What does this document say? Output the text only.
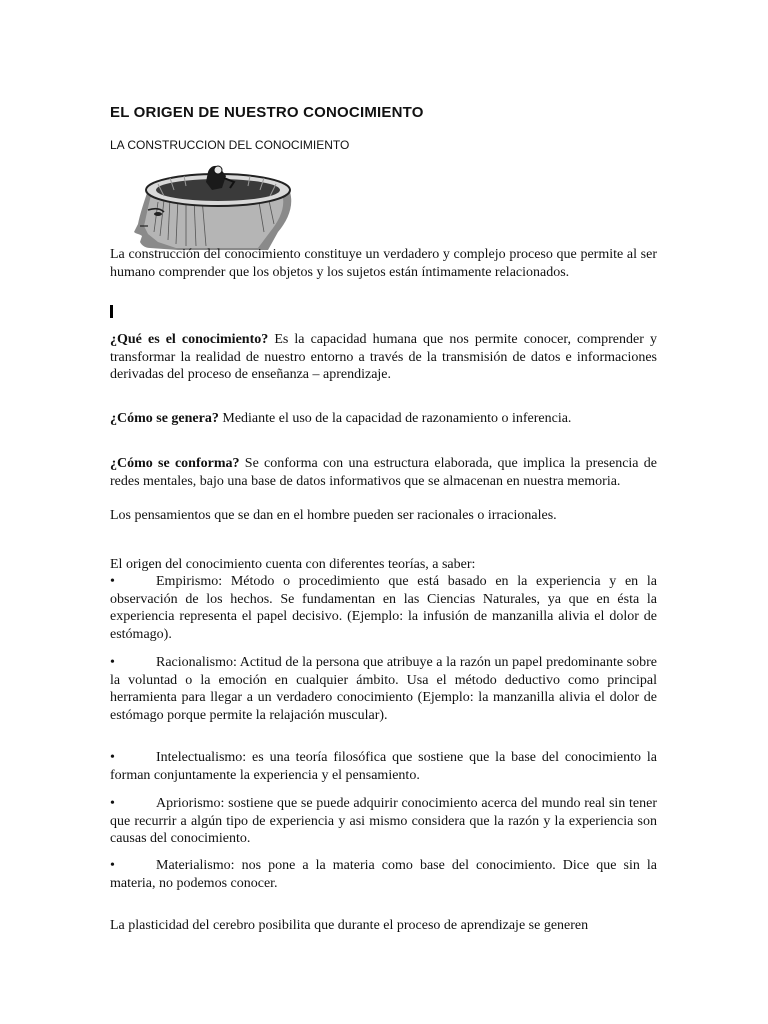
EL ORIGEN DE NUESTRO CONOCIMIENTO
LA CONSTRUCCION DEL CONOCIMIENTO
La construcción del conocimiento constituye un verdadero y complejo proceso que permite al ser humano comprender que los objetos y los sujetos están íntimamente relacionados.
¿Qué es el conocimiento? Es la capacidad humana que nos permite conocer, comprender y transformar la realidad de nuestro entorno a través de la transmisión de datos e informaciones derivadas del proceso de enseñanza – aprendizaje.
¿Cómo se genera? Mediante el uso de la capacidad de razonamiento o inferencia.
¿Cómo se conforma? Se conforma con una estructura elaborada, que implica la presencia de redes mentales, bajo una base de datos informativos que se almacenan en nuestra memoria.
Los pensamientos que se dan en el hombre pueden ser racionales o irracionales.
El origen del conocimiento cuenta con diferentes teorías, a saber:
•	Empirismo: Método o procedimiento que está basado en la experiencia y en la observación de los hechos. Se fundamentan en las Ciencias Naturales, ya que en ésta la experiencia representa el papel decisivo. (Ejemplo: la infusión de manzanilla alivia el dolor de estómago).
•	Racionalismo: Actitud de la persona que atribuye a la razón un papel predominante sobre la voluntad o la emoción en cualquier ámbito. Usa el método deductivo como principal herramienta para llegar a un verdadero conocimiento (Ejemplo: la manzanilla alivia el dolor de estómago porque permite la relajación muscular).
•	Intelectualismo: es una teoría filosófica que sostiene que la base del conocimiento la forman conjuntamente la experiencia y el pensamiento.
•	Apriorismo: sostiene que se puede adquirir conocimiento acerca del mundo real sin tener que recurrir a algún tipo de experiencia y asi mismo considera que la razón y la experiencia son causas del conocimiento.
•	Materialismo: nos pone a la materia como base del conocimiento. Dice que sin la materia, no podemos conocer.
La plasticidad del cerebro posibilita que durante el proceso de aprendizaje se generen
